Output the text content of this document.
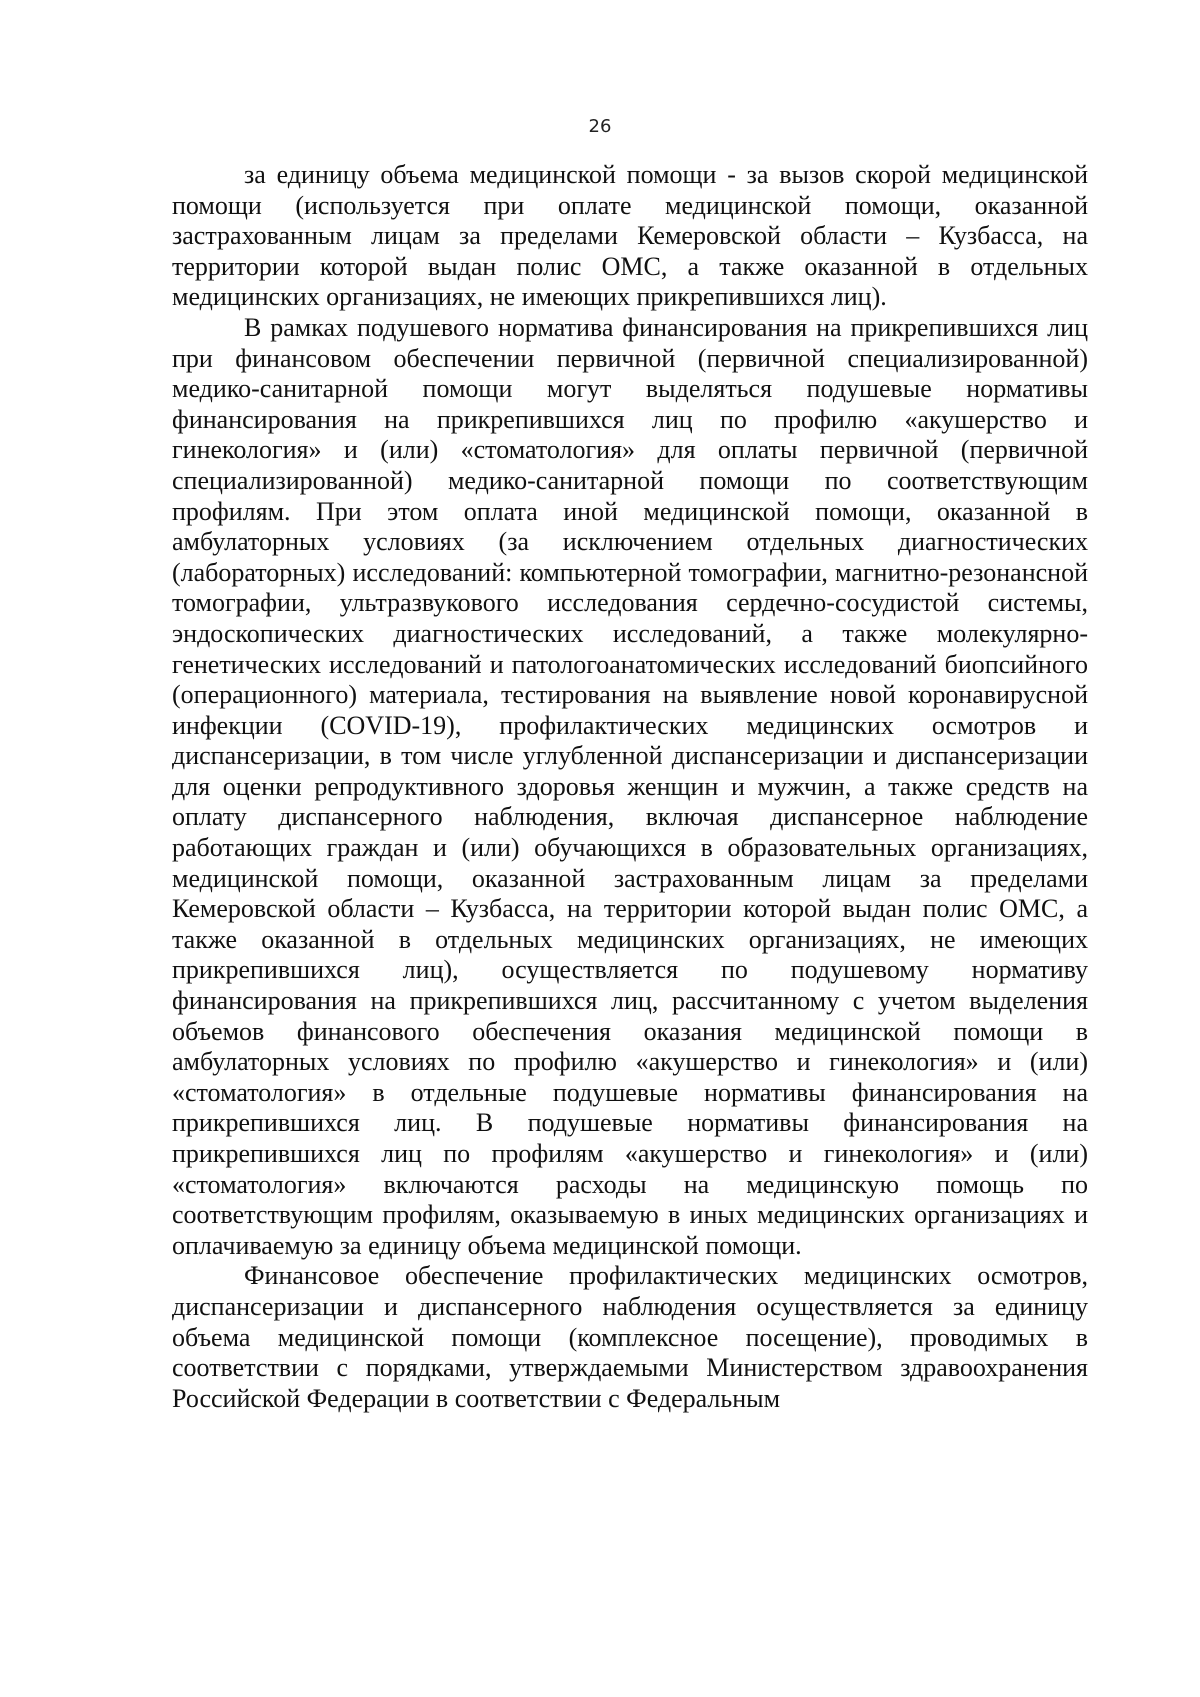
26

за единицу объема медицинской помощи - за вызов скорой медицинской помощи (используется при оплате медицинской помощи, оказанной застрахованным лицам за пределами Кемеровской области – Кузбасса, на территории которой выдан полис ОМС, а также оказанной в отдельных медицинских организациях, не имеющих прикрепившихся лиц).

В рамках подушевого норматива финансирования на прикрепившихся лиц при финансовом обеспечении первичной (первичной специализированной) медико-санитарной помощи могут выделяться подушевые нормативы финансирования на прикрепившихся лиц по профилю «акушерство и гинекология» и (или) «стоматология» для оплаты первичной (первичной специализированной) медико-санитарной помощи по соответствующим профилям. При этом оплата иной медицинской помощи, оказанной в амбулаторных условиях (за исключением отдельных диагностических (лабораторных) исследований: компьютерной томографии, магнитно-резонансной томографии, ультразвукового исследования сердечно-сосудистой системы, эндоскопических диагностических исследований, а также молекулярно-генетических исследований и патологоанатомических исследований биопсийного (операционного) материала, тестирования на выявление новой коронавирусной инфекции (COVID-19), профилактических медицинских осмотров и диспансеризации, в том числе углубленной диспансеризации и диспансеризации для оценки репродуктивного здоровья женщин и мужчин, а также средств на оплату диспансерного наблюдения, включая диспансерное наблюдение работающих граждан и (или) обучающихся в образовательных организациях, медицинской помощи, оказанной застрахованным лицам за пределами Кемеровской области – Кузбасса, на территории которой выдан полис ОМС, а также оказанной в отдельных медицинских организациях, не имеющих прикрепившихся лиц), осуществляется по подушевому нормативу финансирования на прикрепившихся лиц, рассчитанному с учетом выделения объемов финансового обеспечения оказания медицинской помощи в амбулаторных условиях по профилю «акушерство и гинекология» и (или) «стоматология» в отдельные подушевые нормативы финансирования на прикрепившихся лиц. В подушевые нормативы финансирования на прикрепившихся лиц по профилям «акушерство и гинекология» и (или) «стоматология» включаются расходы на медицинскую помощь по соответствующим профилям, оказываемую в иных медицинских организациях и оплачиваемую за единицу объема медицинской помощи.

Финансовое обеспечение профилактических медицинских осмотров, диспансеризации и диспансерного наблюдения осуществляется за единицу объема медицинской помощи (комплексное посещение), проводимых в соответствии с порядками, утверждаемыми Министерством здравоохранения Российской Федерации в соответствии с Федеральным
